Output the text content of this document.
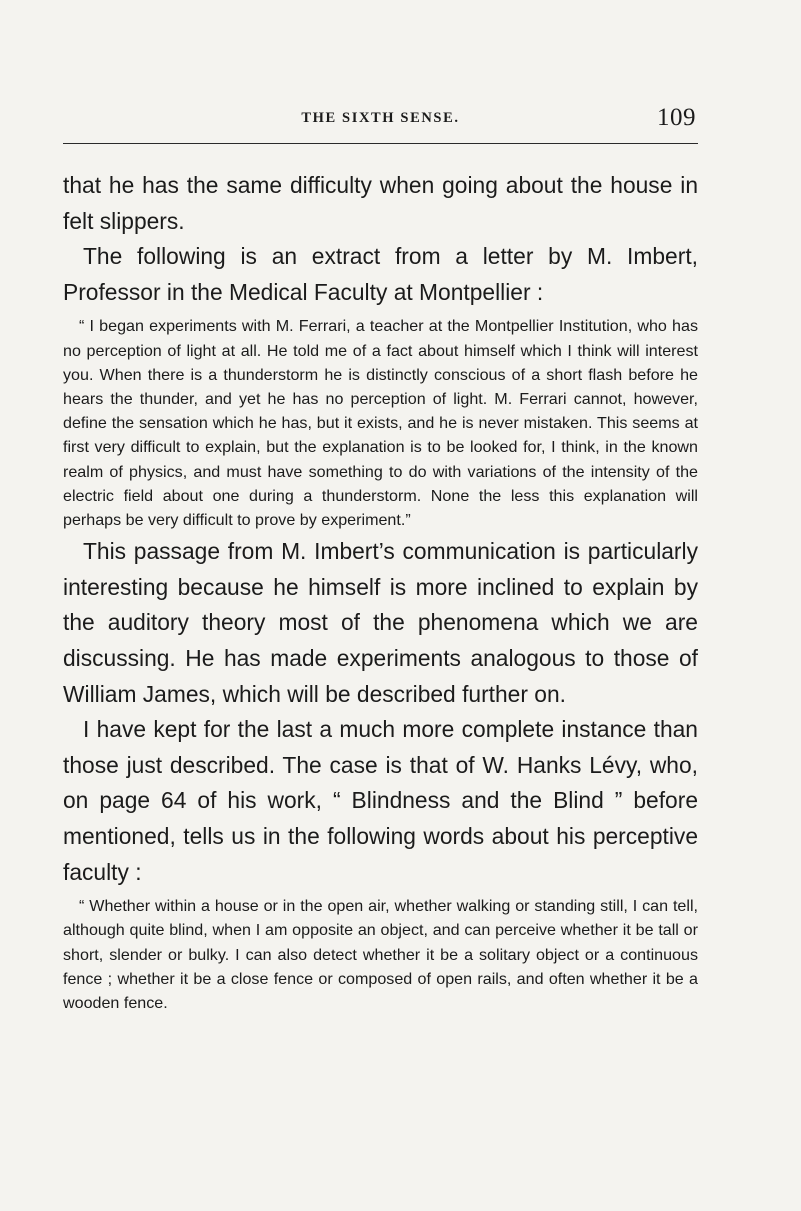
THE SIXTH SENSE.	109

that he has the same difficulty when going about the house in felt slippers.

The following is an extract from a letter by M. Imbert, Professor in the Medical Faculty at Montpellier :

“ I began experiments with M. Ferrari, a teacher at the Montpellier Institution, who has no perception of light at all. He told me of a fact about himself which I think will interest you. When there is a thunderstorm he is distinctly conscious of a short flash before he hears the thunder, and yet he has no perception of light. M. Ferrari cannot, however, define the sensation which he has, but it exists, and he is never mistaken. This seems at first very difficult to explain, but the explanation is to be looked for, I think, in the known realm of physics, and must have something to do with variations of the intensity of the electric field about one during a thunderstorm. None the less this explanation will perhaps be very difficult to prove by experiment.”

This passage from M. Imbert’s communication is particularly interesting because he himself is more inclined to explain by the auditory theory most of the phenomena which we are discussing. He has made experiments analogous to those of William James, which will be described further on.

I have kept for the last a much more complete instance than those just described. The case is that of W. Hanks Lévy, who, on page 64 of his work, “ Blindness and the Blind ” before mentioned, tells us in the following words about his perceptive faculty :

“ Whether within a house or in the open air, whether walking or standing still, I can tell, although quite blind, when I am opposite an object, and can perceive whether it be tall or short, slender or bulky. I can also detect whether it be a solitary object or a continuous fence ; whether it be a close fence or composed of open rails, and often whether it be a wooden fence.
